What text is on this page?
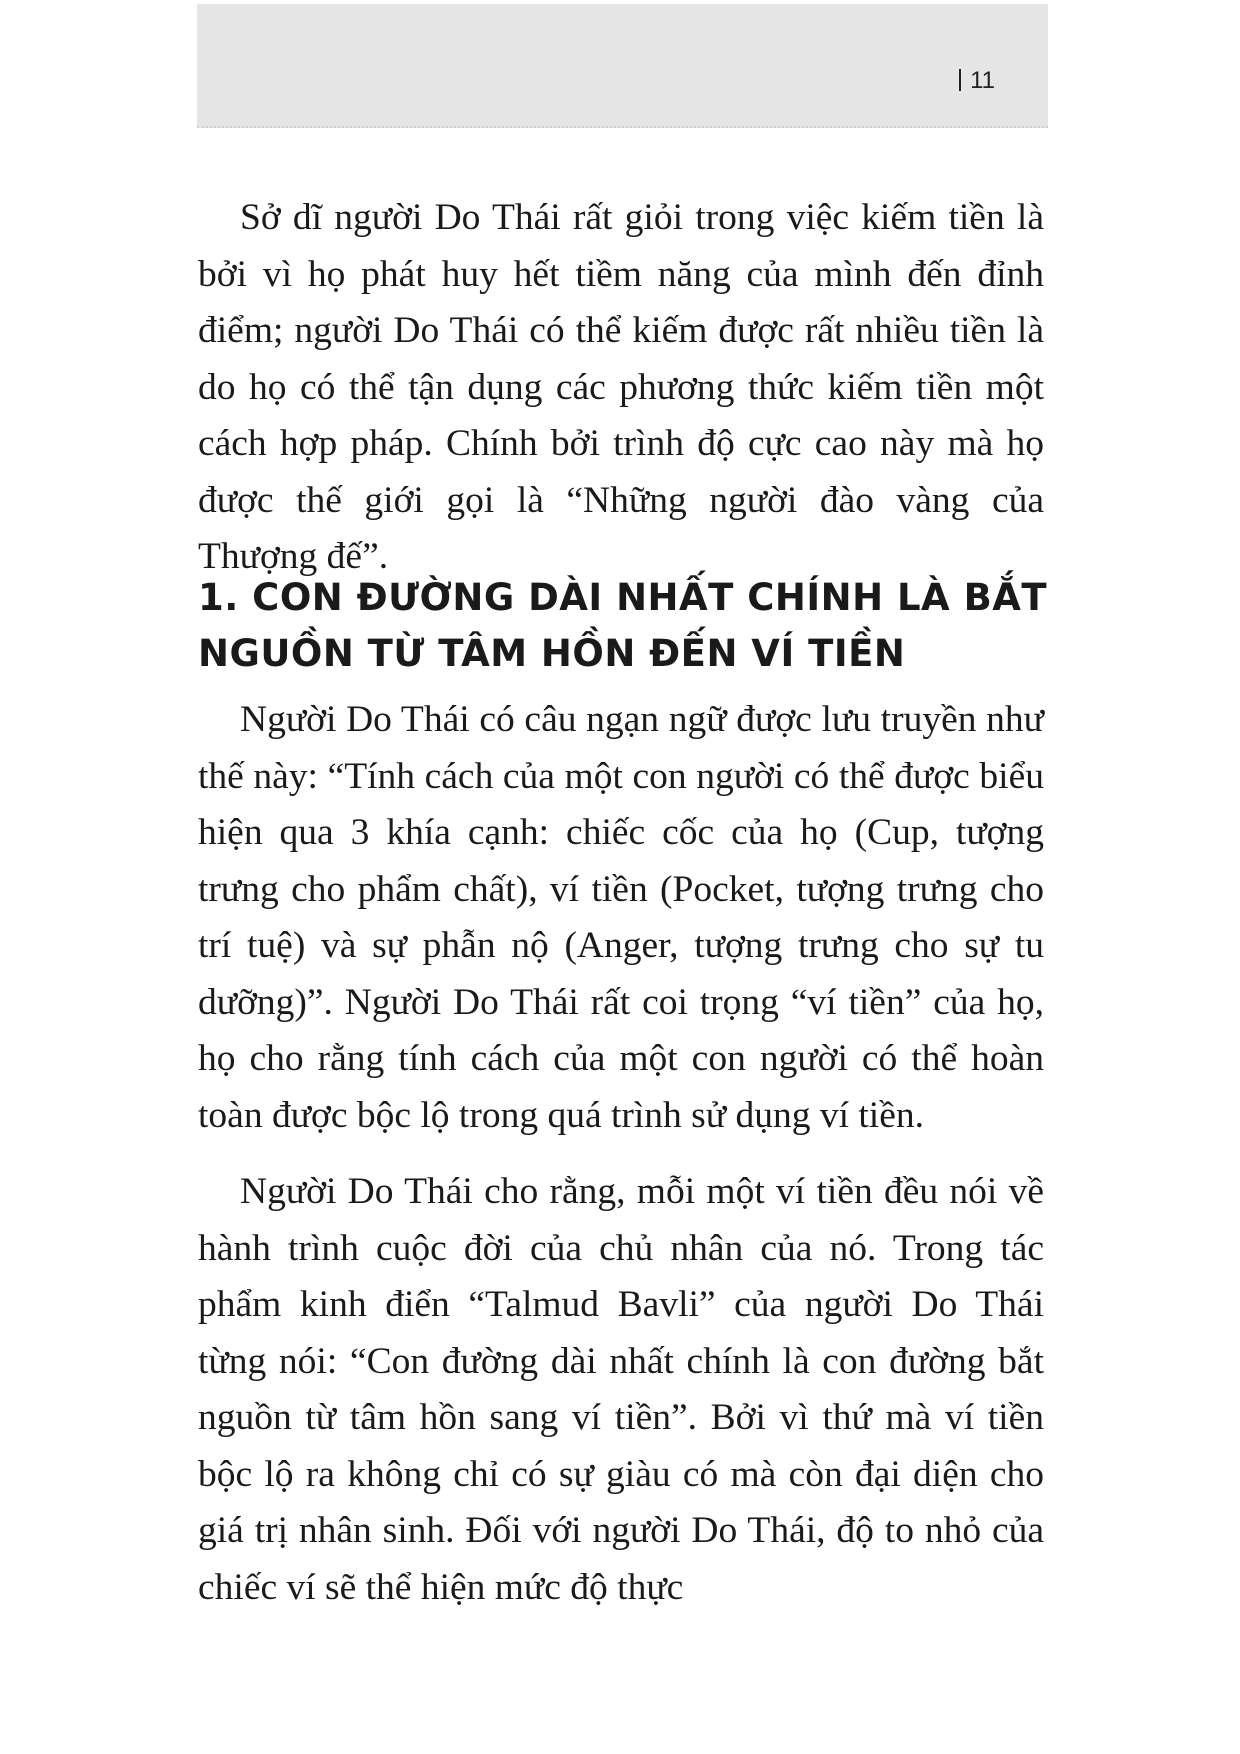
11

Sở dĩ người Do Thái rất giỏi trong việc kiếm tiền là bởi vì họ phát huy hết tiềm năng của mình đến đỉnh điểm; người Do Thái có thể kiếm được rất nhiều tiền là do họ có thể tận dụng các phương thức kiếm tiền một cách hợp pháp. Chính bởi trình độ cực cao này mà họ được thế giới gọi là “Những người đào vàng của Thượng đế”.

1. CON ĐƯỜNG DÀI NHẤT CHÍNH LÀ BẮT NGUỒN TỪ TÂM HỒN ĐẾN VÍ TIỀN

Người Do Thái có câu ngạn ngữ được lưu truyền như thế này: “Tính cách của một con người có thể được biểu hiện qua 3 khía cạnh: chiếc cốc của họ (Cup, tượng trưng cho phẩm chất), ví tiền (Pocket, tượng trưng cho trí tuệ) và sự phẫn nộ (Anger, tượng trưng cho sự tu dưỡng)”. Người Do Thái rất coi trọng “ví tiền” của họ, họ cho rằng tính cách của một con người có thể hoàn toàn được bộc lộ trong quá trình sử dụng ví tiền.

Người Do Thái cho rằng, mỗi một ví tiền đều nói về hành trình cuộc đời của chủ nhân của nó. Trong tác phẩm kinh điển “Talmud Bavli” của người Do Thái từng nói: “Con đường dài nhất chính là con đường bắt nguồn từ tâm hồn sang ví tiền”. Bởi vì thứ mà ví tiền bộc lộ ra không chỉ có sự giàu có mà còn đại diện cho giá trị nhân sinh. Đối với người Do Thái, độ to nhỏ của chiếc ví sẽ thể hiện mức độ thực
